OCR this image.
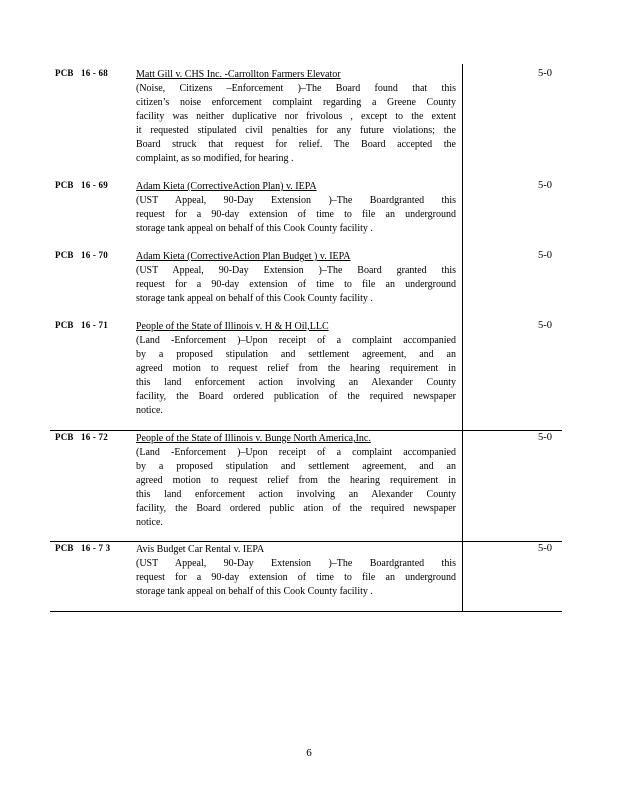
PCB 16 - 68	Matt Gill v. CHS Inc. -Carrollton Farmers Elevator
(Noise, Citizens –Enforcement )–The Board found that this
citizen’s noise enforcement complaint regarding a Greene County
facility was neither duplicative nor frivolous , except to the extent
it requested stipulated civil penalties for any future violations; the
Board struck that request for relief. The Board accepted the
complaint, as so modified, for hearing .
5-0
PCB 16 - 69	Adam Kieta (CorrectiveAction Plan) v. IEPA
(UST Appeal, 90-Day Extension )–The Boardgranted this
request for a 90-day extension of time to file an underground
storage tank appeal on behalf of this Cook County facility .
5-0
PCB 16 - 70	Adam Kieta (CorrectiveAction Plan Budget ) v. IEPA
(UST Appeal, 90-Day Extension )–The Board granted this
request for a 90-day extension of time to file an underground
storage tank appeal on behalf of this Cook County facility .
5-0
PCB 16 - 71	People of the State of Illinois v. H & H Oil,LLC
(Land -Enforcement )–Upon receipt of a complaint accompanied
by a proposed stipulation and settlement agreement, and an
agreed motion to request relief from the hearing requirement in
this land enforcement action involving an Alexander County
facility, the Board ordered publication of the required newspaper
notice.
5-0
PCB 16 - 72	People of the State of Illinois v. Bunge North America,Inc.
(Land -Enforcement )–Upon receipt of a complaint accompanied
by a proposed stipulation and settlement agreement, and an
agreed motion to request relief from the hearing requirement in
this land enforcement action involving an Alexander County
facility, the Board ordered public ation of the required newspaper
notice.
5-0
PCB 16 - 7 3	Avis Budget Car Rental v. IEPA
(UST Appeal, 90-Day Extension )–The Boardgranted this
request for a 90-day extension of time to file an underground
storage tank appeal on behalf of this Cook County facility .
5-0
6
